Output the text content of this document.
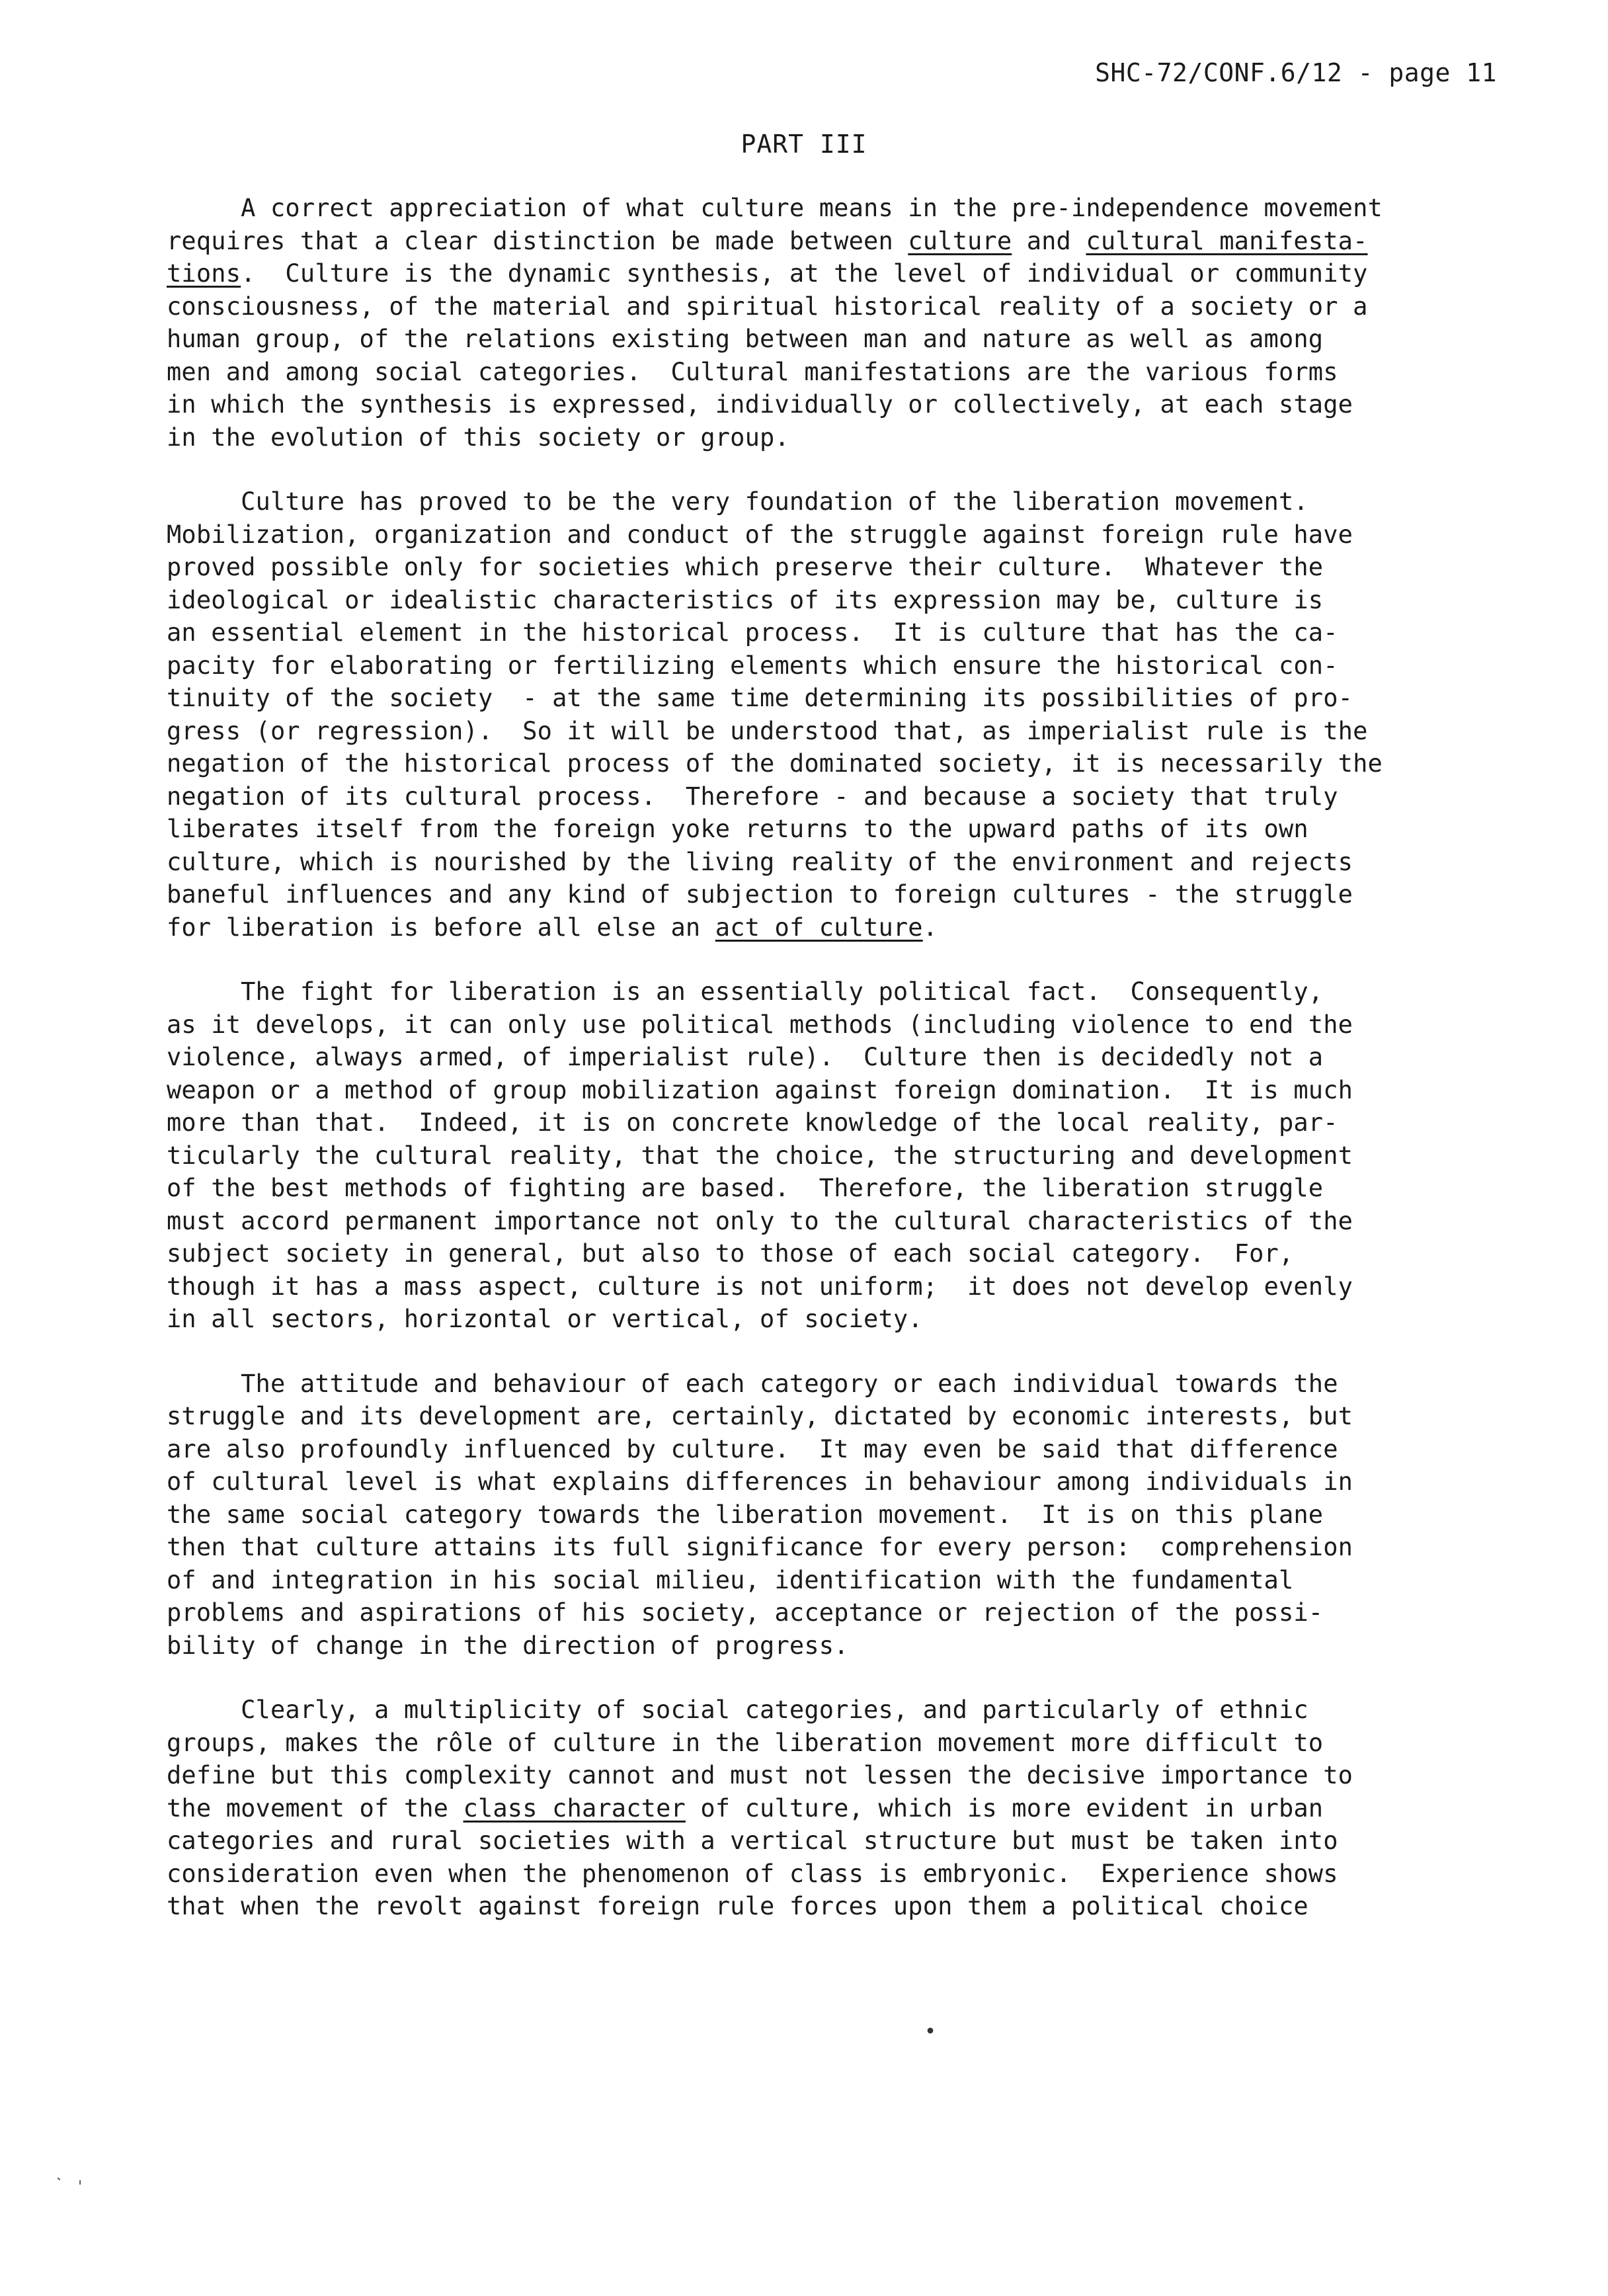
SHC-72/CONF.6/12 - page 11
PART III
A correct appreciation of what culture means in the pre-independence movement
requires that a clear distinction be made between culture and cultural manifesta-
tions.  Culture is the dynamic synthesis, at the level of individual or community
consciousness, of the material and spiritual historical reality of a society or a
human group, of the relations existing between man and nature as well as among
men and among social categories.  Cultural manifestations are the various forms
in which the synthesis is expressed, individually or collectively, at each stage
in the evolution of this society or group.
Culture has proved to be the very foundation of the liberation movement.
Mobilization, organization and conduct of the struggle against foreign rule have
proved possible only for societies which preserve their culture.  Whatever the
ideological or idealistic characteristics of its expression may be, culture is
an essential element in the historical process.  It is culture that has the ca-
pacity for elaborating or fertilizing elements which ensure the historical con-
tinuity of the society  - at the same time determining its possibilities of pro-
gress (or regression).  So it will be understood that, as imperialist rule is the
negation of the historical process of the dominated society, it is necessarily the
negation of its cultural process.  Therefore - and because a society that truly
liberates itself from the foreign yoke returns to the upward paths of its own
culture, which is nourished by the living reality of the environment and rejects
baneful influences and any kind of subjection to foreign cultures - the struggle
for liberation is before all else an act of culture.
The fight for liberation is an essentially political fact.  Consequently,
as it develops, it can only use political methods (including violence to end the
violence, always armed, of imperialist rule).  Culture then is decidedly not a
weapon or a method of group mobilization against foreign domination.  It is much
more than that.  Indeed, it is on concrete knowledge of the local reality, par-
ticularly the cultural reality, that the choice, the structuring and development
of the best methods of fighting are based.  Therefore, the liberation struggle
must accord permanent importance not only to the cultural characteristics of the
subject society in general, but also to those of each social category.  For,
though it has a mass aspect, culture is not uniform;  it does not develop evenly
in all sectors, horizontal or vertical, of society.
The attitude and behaviour of each category or each individual towards the
struggle and its development are, certainly, dictated by economic interests, but
are also profoundly influenced by culture.  It may even be said that difference
of cultural level is what explains differences in behaviour among individuals in
the same social category towards the liberation movement.  It is on this plane
then that culture attains its full significance for every person:  comprehension
of and integration in his social milieu, identification with the fundamental
problems and aspirations of his society, acceptance or rejection of the possi-
bility of change in the direction of progress.
Clearly, a multiplicity of social categories, and particularly of ethnic
groups, makes the rôle of culture in the liberation movement more difficult to
define but this complexity cannot and must not lessen the decisive importance to
the movement of the class character of culture, which is more evident in urban
categories and rural societies with a vertical structure but must be taken into
consideration even when the phenomenon of class is embryonic.  Experience shows
that when the revolt against foreign rule forces upon them a political choice
•
˴ ˌ
